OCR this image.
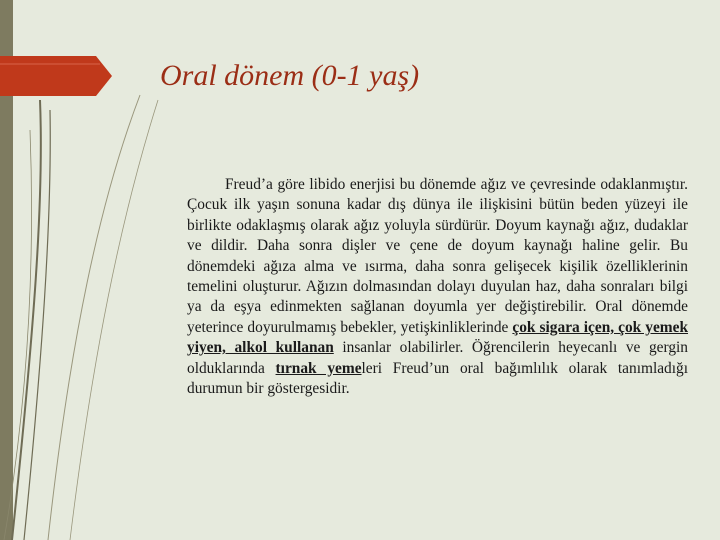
Oral dönem (0-1 yaş)
Freud’a göre libido enerjisi bu dönemde ağız ve çevresinde odaklanmıştır. Çocuk ilk yaşın sonuna kadar dış dünya ile ilişkisini bütün beden yüzeyi ile birlikte odaklaşmış olarak ağız yoluyla sürdürür. Doyum kaynağı ağız, dudaklar ve dildir. Daha sonra dişler ve çene de doyum kaynağı haline gelir. Bu dönemdeki ağıza alma ve ısırma, daha sonra gelişecek kişilik özelliklerinin temelini oluşturur. Ağızın dolmasından dolayı duyulan haz, daha sonraları bilgi ya da eşya edinmekten sağlanan doyumla yer değiştirebilir. Oral dönemde yeterince doyurulmamış bebekler, yetişkinliklerinde çok sigara içen, çok yemek yiyen, alkol kullanan insanlar olabilirler. Öğrencilerin heyecanlı ve gergin olduklarında tırnak yemeleri Freud’un oral bağımlılık olarak tanımladığı durumun bir göstergesidir.
